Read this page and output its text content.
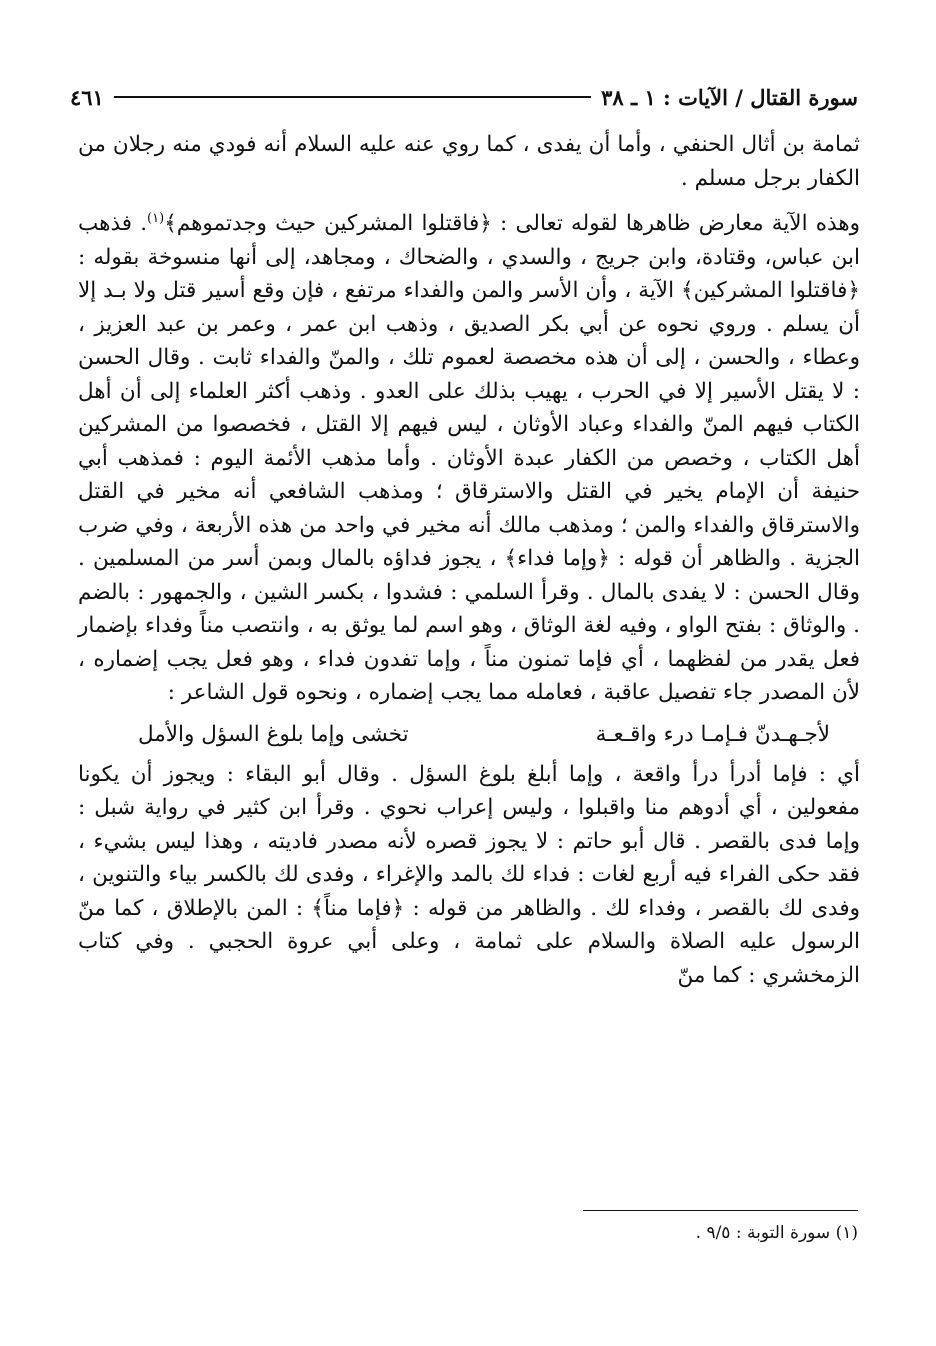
سورة القتال / الآيات : ١ ـ ٣٨
٤٦١

ثمامة بن أثال الحنفي ، وأما أن يفدى ، كما روي عنه عليه السلام أنه فودي منه رجلان من الكفار برجل مسلم .

وهذه الآية معارض ظاهرها لقوله تعالى : ﴿فاقتلوا المشركين حيث وجدتموهم﴾$^{(١)}$. فذهب ابن عباس، وقتادة، وابن جريج ، والسدي ، والضحاك ، ومجاهد، إلى أنها منسوخة بقوله : ﴿فاقتلوا المشركين﴾ الآية ، وأن الأسر والمن والفداء مرتفع ، فإن وقع أسير قتل ولا بـد إلا أن يسلم . وروي نحوه عن أبي بكر الصديق ، وذهب ابن عمر ، وعمر بن عبد العزيز ، وعطاء ، والحسن ، إلى أن هذه مخصصة لعموم تلك ، والمنّ والفداء ثابت . وقال الحسن : لا يقتل الأسير إلا في الحرب ، يهيب بذلك على العدو . وذهب أكثر العلماء إلى أن أهل الكتاب فيهم المنّ والفداء وعباد الأوثان ، ليس فيهم إلا القتل ، فخصصوا من المشركين أهل الكتاب ، وخصص من الكفار عبدة الأوثان . وأما مذهب الأئمة اليوم : فمذهب أبي حنيفة أن الإمام يخير في القتل والاسترقاق ؛ ومذهب الشافعي أنه مخير في القتل والاسترقاق والفداء والمن ؛ ومذهب مالك أنه مخير في واحد من هذه الأربعة ، وفي ضرب الجزية . والظاهر أن قوله : ﴿وإما فداء﴾ ، يجوز فداؤه بالمال وبمن أسر من المسلمين . وقال الحسن : لا يفدى بالمال . وقرأ السلمي : فشدوا ، بكسر الشين ، والجمهور : بالضم . والوثاق : بفتح الواو ، وفيه لغة الوثاق ، وهو اسم لما يوثق به ، وانتصب مناً وفداء بإضمار فعل يقدر من لفظهما ، أي فإما تمنون مناً ، وإما تفدون فداء ، وهو فعل يجب إضماره ، لأن المصدر جاء تفصيل عاقبة ، فعامله مما يجب إضماره ، ونحوه قول الشاعر :

لأجـهـدنّ فـإمـا درء واقـعـة
تخشى وإما بلوغ السؤل والأمل

أي : فإما أدرأ درأ واقعة ، وإما أبلغ بلوغ السؤل . وقال أبو البقاء : ويجوز أن يكونا مفعولين ، أي أدوهم منا واقبلوا ، وليس إعراب نحوي . وقرأ ابن كثير في رواية شبل : وإما فدى بالقصر . قال أبو حاتم : لا يجوز قصره لأنه مصدر فاديته ، وهذا ليس بشيء ، فقد حكى الفراء فيه أربع لغات : فداء لك بالمد والإغراء ، وفدى لك بالكسر بياء والتنوين ، وفدى لك بالقصر ، وفداء لك . والظاهر من قوله : ﴿فإما مناً﴾ : المن بالإطلاق ، كما منّ الرسول عليه الصلاة والسلام على ثمامة ، وعلى أبي عروة الحجبي . وفي كتاب الزمخشري : كما منّ

(١) سورة التوبة : ٩/٥ .
